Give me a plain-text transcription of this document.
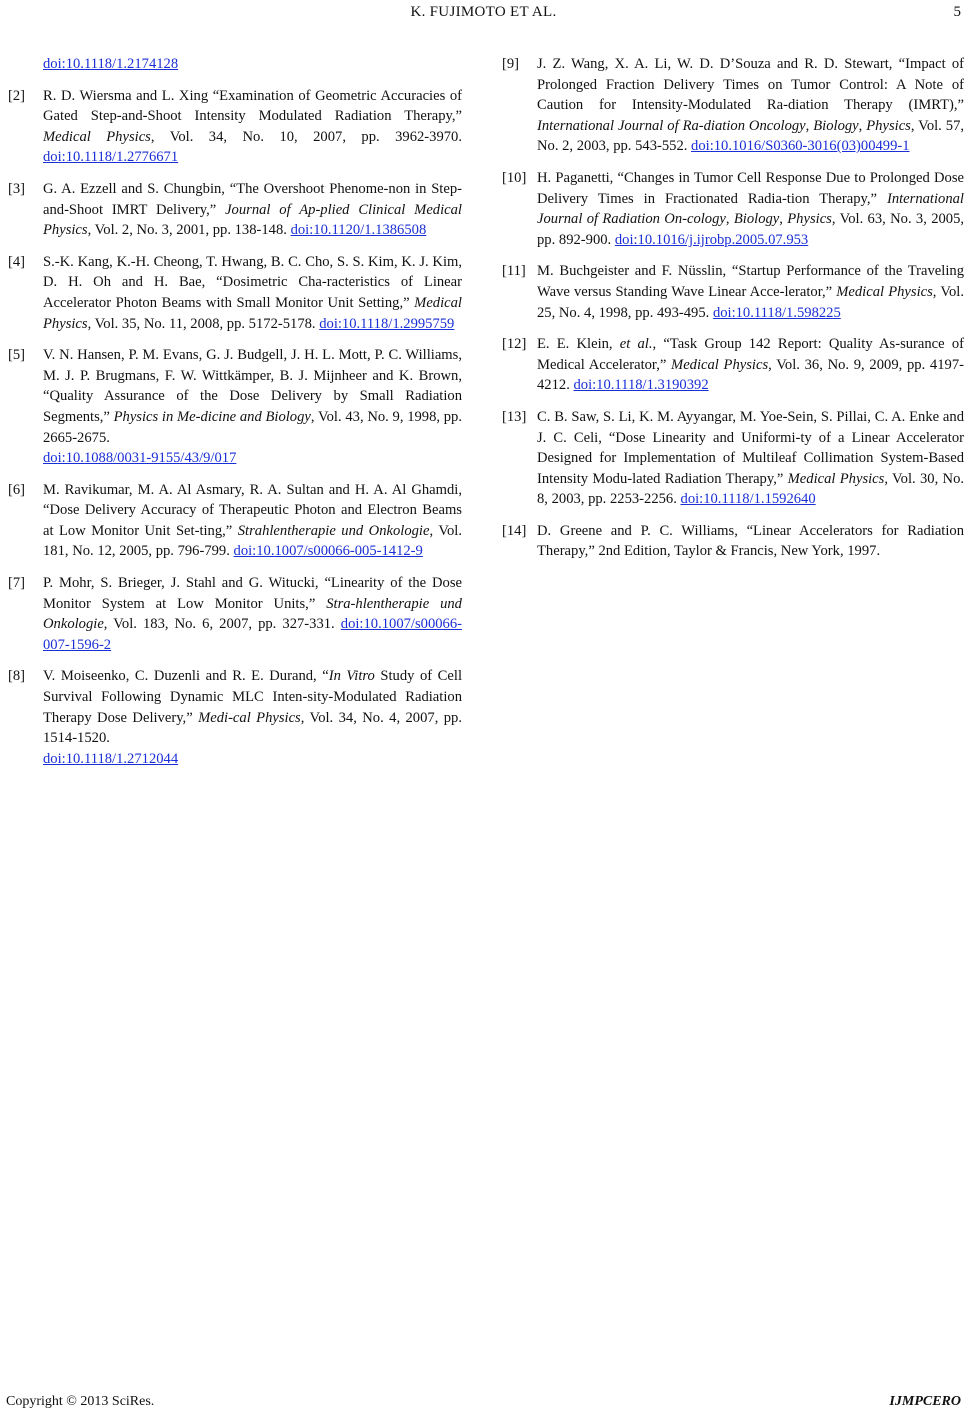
K. FUJIMOTO ET AL.	5
doi:10.1118/1.2174128
[2] R. D. Wiersma and L. Xing “Examination of Geometric Accuracies of Gated Step-and-Shoot Intensity Modulated Radiation Therapy,” Medical Physics, Vol. 34, No. 10, 2007, pp. 3962-3970. doi:10.1118/1.2776671
[3] G. A. Ezzell and S. Chungbin, “The Overshoot Phenome-non in Step-and-Shoot IMRT Delivery,” Journal of Ap-plied Clinical Medical Physics, Vol. 2, No. 3, 2001, pp. 138-148. doi:10.1120/1.1386508
[4] S.-K. Kang, K.-H. Cheong, T. Hwang, B. C. Cho, S. S. Kim, K. J. Kim, D. H. Oh and H. Bae, “Dosimetric Cha-racteristics of Linear Accelerator Photon Beams with Small Monitor Unit Setting,” Medical Physics, Vol. 35, No. 11, 2008, pp. 5172-5178. doi:10.1118/1.2995759
[5] V. N. Hansen, P. M. Evans, G. J. Budgell, J. H. L. Mott, P. C. Williams, M. J. P. Brugmans, F. W. Wittkämper, B. J. Mijnheer and K. Brown, “Quality Assurance of the Dose Delivery by Small Radiation Segments,” Physics in Me-dicine and Biology, Vol. 43, No. 9, 1998, pp. 2665-2675.
doi:10.1088/0031-9155/43/9/017
[6] M. Ravikumar, M. A. Al Asmary, R. A. Sultan and H. A. Al Ghamdi, “Dose Delivery Accuracy of Therapeutic Photon and Electron Beams at Low Monitor Unit Set-ting,” Strahlentherapie und Onkologie, Vol. 181, No. 12, 2005, pp. 796-799. doi:10.1007/s00066-005-1412-9
[7] P. Mohr, S. Brieger, J. Stahl and G. Witucki, “Linearity of the Dose Monitor System at Low Monitor Units,” Stra-hlentherapie und Onkologie, Vol. 183, No. 6, 2007, pp. 327-331. doi:10.1007/s00066-007-1596-2
[8] V. Moiseenko, C. Duzenli and R. E. Durand, “In Vitro Study of Cell Survival Following Dynamic MLC Inten-sity-Modulated Radiation Therapy Dose Delivery,” Medi-cal Physics, Vol. 34, No. 4, 2007, pp. 1514-1520.
doi:10.1118/1.2712044
[9] J. Z. Wang, X. A. Li, W. D. D’Souza and R. D. Stewart, “Impact of Prolonged Fraction Delivery Times on Tumor Control: A Note of Caution for Intensity-Modulated Ra-diation Therapy (IMRT),” International Journal of Ra-diation Oncology, Biology, Physics, Vol. 57, No. 2, 2003, pp. 543-552. doi:10.1016/S0360-3016(03)00499-1
[10] H. Paganetti, “Changes in Tumor Cell Response Due to Prolonged Dose Delivery Times in Fractionated Radia-tion Therapy,” International Journal of Radiation On-cology, Biology, Physics, Vol. 63, No. 3, 2005, pp. 892-900. doi:10.1016/j.ijrobp.2005.07.953
[11] M. Buchgeister and F. Nüsslin, “Startup Performance of the Traveling Wave versus Standing Wave Linear Acce-lerator,” Medical Physics, Vol. 25, No. 4, 1998, pp. 493-495. doi:10.1118/1.598225
[12] E. E. Klein, et al., “Task Group 142 Report: Quality As-surance of Medical Accelerator,” Medical Physics, Vol. 36, No. 9, 2009, pp. 4197-4212. doi:10.1118/1.3190392
[13] C. B. Saw, S. Li, K. M. Ayyangar, M. Yoe-Sein, S. Pillai, C. A. Enke and J. C. Celi, “Dose Linearity and Uniformi-ty of a Linear Accelerator Designed for Implementation of Multileaf Collimation System-Based Intensity Modu-lated Radiation Therapy,” Medical Physics, Vol. 30, No. 8, 2003, pp. 2253-2256. doi:10.1118/1.1592640
[14] D. Greene and P. C. Williams, “Linear Accelerators for Radiation Therapy,” 2nd Edition, Taylor & Francis, New York, 1997.
Copyright © 2013 SciRes.	IJMPCERO
